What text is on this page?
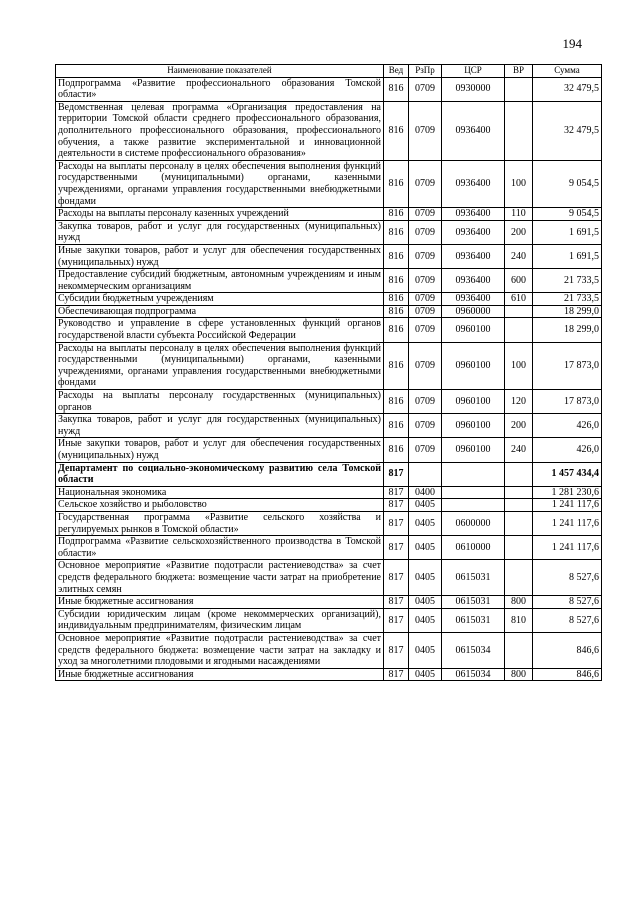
194
Наименование показателей	Вед	РзПр	ЦСР	ВР	Сумма
Подпрограмма «Развитие профессионального образования Томской области»	816	0709	0930000		32 479,5
Ведомственная целевая программа «Организация предоставления на территории Томской области среднего профессионального образования, дополнительного профессионального образования, профессионального обучения, а также развитие экспериментальной и инновационной деятельности в системе профессионального образования»	816	0709	0936400		32 479,5
Расходы на выплаты персоналу в целях обеспечения выполнения функций государственными (муниципальными) органами, казенными учреждениями, органами управления государственными внебюджетными фондами	816	0709	0936400	100	9 054,5
Расходы на выплаты персоналу казенных учреждений	816	0709	0936400	110	9 054,5
Закупка товаров, работ и услуг для государственных (муниципальных) нужд	816	0709	0936400	200	1 691,5
Иные закупки товаров, работ и услуг для обеспечения государственных (муниципальных) нужд	816	0709	0936400	240	1 691,5
Предоставление субсидий бюджетным, автономным учреждениям и иным некоммерческим организациям	816	0709	0936400	600	21 733,5
Субсидии бюджетным учреждениям	816	0709	0936400	610	21 733,5
Обеспечивающая подпрограмма	816	0709	0960000		18 299,0
Руководство и управление в сфере установленных функций органов государственой власти субъекта Российской Федерации	816	0709	0960100		18 299,0
Расходы на выплаты персоналу в целях обеспечения выполнения функций государственными (муниципальными) органами, казенными учреждениями, органами управления государственными внебюджетными фондами	816	0709	0960100	100	17 873,0
Расходы на выплаты персоналу государственных (муниципальных) органов	816	0709	0960100	120	17 873,0
Закупка товаров, работ и услуг для государственных (муниципальных) нужд	816	0709	0960100	200	426,0
Иные закупки товаров, работ и услуг для обеспечения государственных (муниципальных) нужд	816	0709	0960100	240	426,0
Департамент по социально-экономическому развитию села Томской области	817				1 457 434,4
Национальная экономика	817	0400			1 281 230,6
Сельское хозяйство и рыболовство	817	0405			1 241 117,6
Государственная программа «Развитие сельского хозяйства и регулируемых рынков в Томской области»	817	0405	0600000		1 241 117,6
Подпрограмма «Развитие сельскохозяйственного производства в Томской области»	817	0405	0610000		1 241 117,6
Основное мероприятие «Развитие подотрасли растениеводства» за счет средств федерального бюджета: возмещение части затрат на приобретение элитных семян	817	0405	0615031		8 527,6
Иные бюджетные ассигнования	817	0405	0615031	800	8 527,6
Субсидии юридическим лицам (кроме некоммерческих организаций), индивидуальным предпринимателям, физическим лицам	817	0405	0615031	810	8 527,6
Основное мероприятие «Развитие подотрасли растениеводства» за счет средств федерального бюджета: возмещение части затрат на закладку и уход за многолетними плодовыми и ягодными насаждениями	817	0405	0615034		846,6
Иные бюджетные ассигнования	817	0405	0615034	800	846,6
